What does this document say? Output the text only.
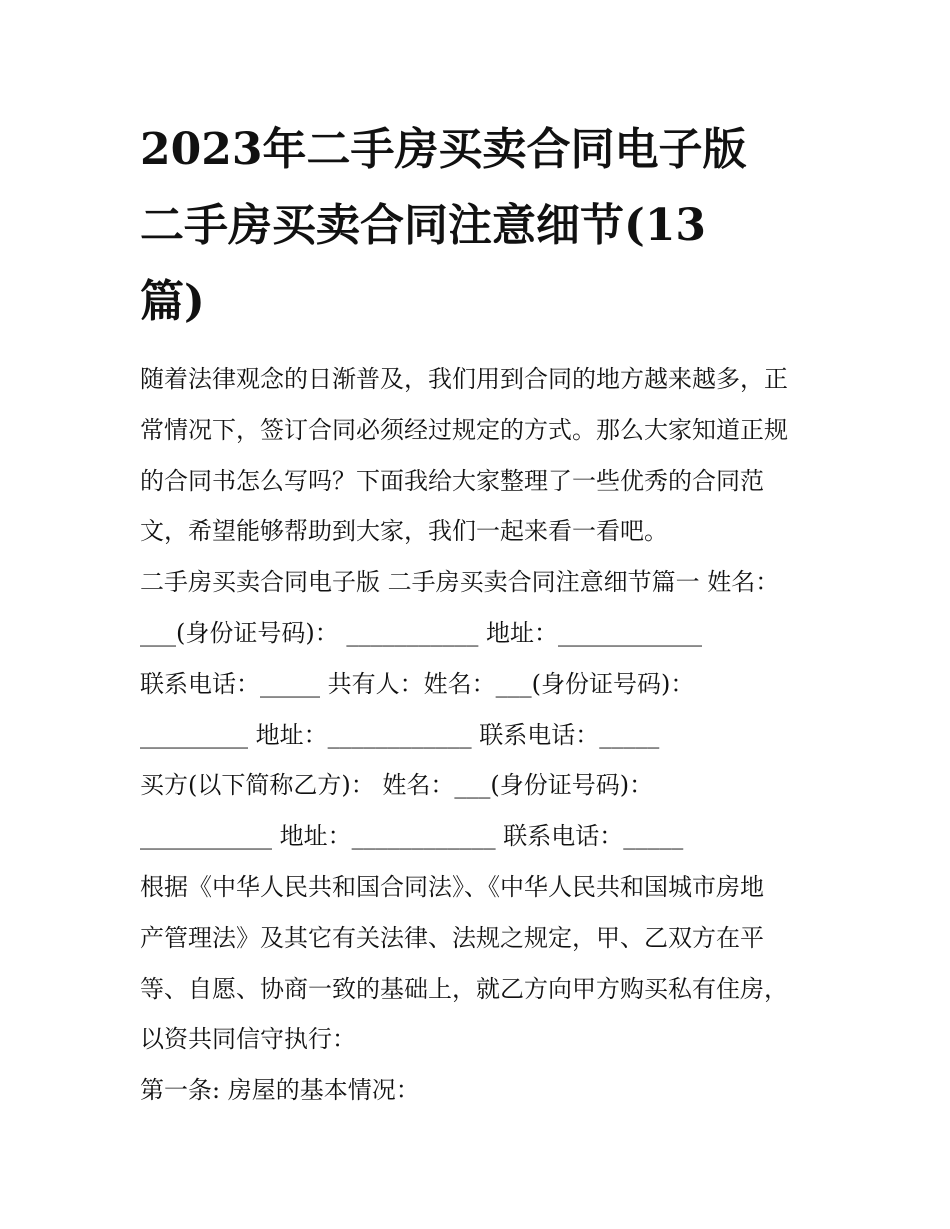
2023年二手房买卖合同电子版
二手房买卖合同注意细节(13
篇)
随着法律观念的日渐普及，我们用到合同的地方越来越多，正
常情况下，签订合同必须经过规定的方式。那么大家知道正规
的合同书怎么写吗？下面我给大家整理了一些优秀的合同范
文，希望能够帮助到大家，我们一起来看一看吧。
二手房买卖合同电子版 二手房买卖合同注意细节篇一 姓名：
___(身份证号码)： ___________ 地址：____________
联系电话：_____ 共有人：姓名：___(身份证号码)：
_________ 地址：____________ 联系电话：_____
买方(以下简称乙方)： 姓名：___(身份证号码)：
___________ 地址：____________ 联系电话：_____
根据《中华人民共和国合同法》、《中华人民共和国城市房地
产管理法》及其它有关法律、法规之规定，甲、乙双方在平
等、自愿、协商一致的基础上，就乙方向甲方购买私有住房，
以资共同信守执行：
第一条: 房屋的基本情况：
